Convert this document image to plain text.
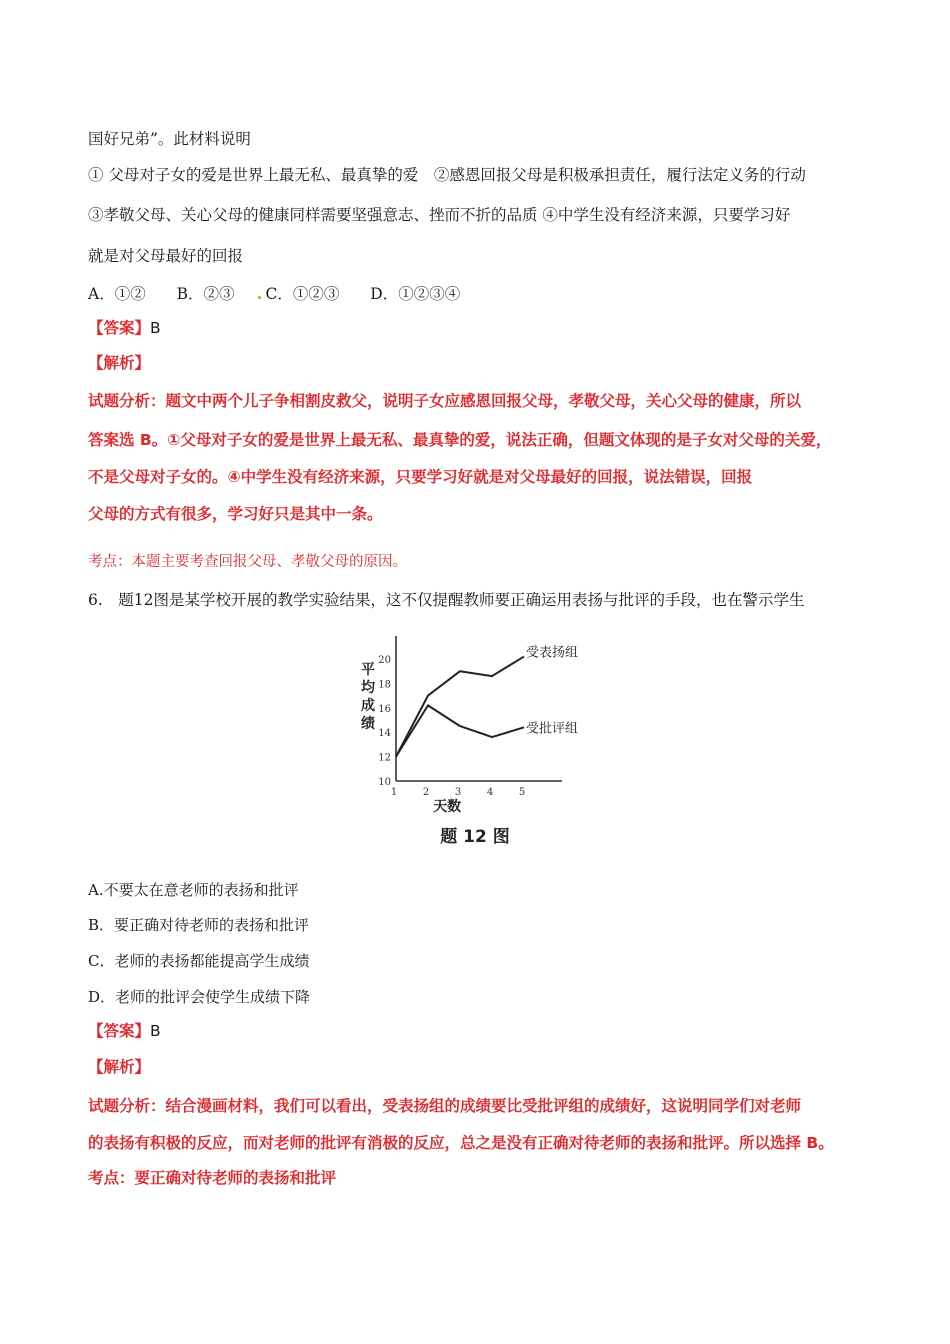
国好兄弟”。此材料说明
① 父母对子女的爱是世界上最无私、最真挚的爱　②感恩回报父母是积极承担责任，履行法定义务的行动
③孝敬父母、关心父母的健康同样需要坚强意志、挫而不折的品质 ④中学生没有经济来源，只要学习好
就是对父母最好的回报
A．①② B．②③ C．①②③ D．①②③④
【答案】B
【解析】
试题分析：题文中两个儿子争相割皮救父，说明子女应感恩回报父母，孝敬父母，关心父母的健康，所以
答案选 B。①父母对子女的爱是世界上最无私、最真挚的爱，说法正确，但题文体现的是子女对父母的关爱，
不是父母对子女的。④中学生没有经济来源，只要学习好就是对父母最好的回报，说法错误，回报
父母的方式有很多，学习好只是其中一条。
考点：本题主要考查回报父母、孝敬父母的原因。
6.　题12图是某学校开展的教学实验结果，这不仅提醒教师要正确运用表扬与批评的手段，也在警示学生
10
12
14
16
18
20
1	2	3	4	5
平
均
成
绩
天数
受表扬组
受批评组
题 12 图
A.不要太在意老师的表扬和批评
B．要正确对待老师的表扬和批评
C．老师的表扬都能提高学生成绩
D．老师的批评会使学生成绩下降
【答案】B
【解析】
试题分析：结合漫画材料，我们可以看出，受表扬组的成绩要比受批评组的成绩好，这说明同学们对老师
的表扬有积极的反应，而对老师的批评有消极的反应，总之是没有正确对待老师的表扬和批评。所以选择 B。
考点：要正确对待老师的表扬和批评
